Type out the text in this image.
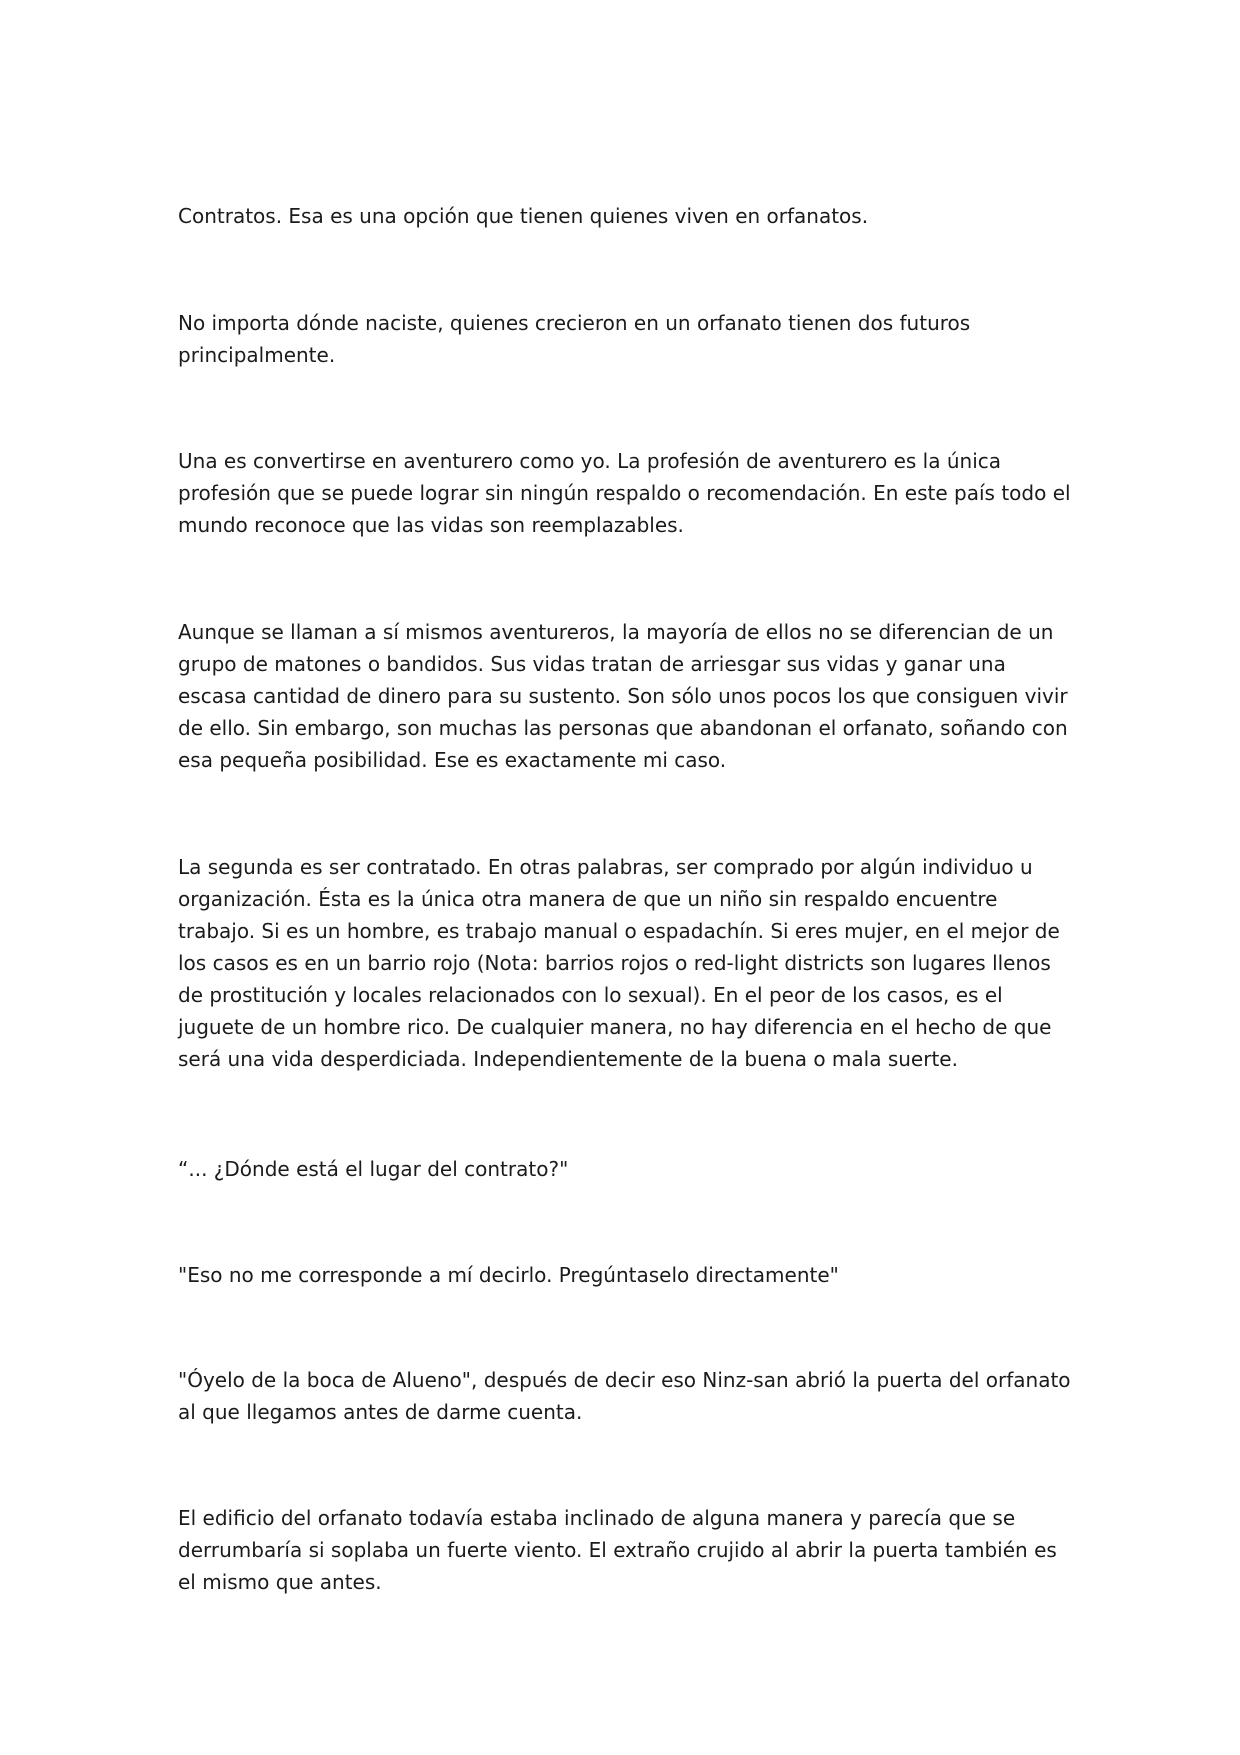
Contratos. Esa es una opción que tienen quienes viven en orfanatos.

No importa dónde naciste, quienes crecieron en un orfanato tienen dos futuros principalmente.

Una es convertirse en aventurero como yo. La profesión de aventurero es la única profesión que se puede lograr sin ningún respaldo o recomendación. En este país todo el mundo reconoce que las vidas son reemplazables.

Aunque se llaman a sí mismos aventureros, la mayoría de ellos no se diferencian de un grupo de matones o bandidos. Sus vidas tratan de arriesgar sus vidas y ganar una escasa cantidad de dinero para su sustento. Son sólo unos pocos los que consiguen vivir de ello. Sin embargo, son muchas las personas que abandonan el orfanato, soñando con esa pequeña posibilidad. Ese es exactamente mi caso.

La segunda es ser contratado. En otras palabras, ser comprado por algún individuo u organización. Ésta es la única otra manera de que un niño sin respaldo encuentre trabajo. Si es un hombre, es trabajo manual o espadachín. Si eres mujer, en el mejor de los casos es en un barrio rojo (Nota: barrios rojos o red-light districts son lugares llenos de prostitución y locales relacionados con lo sexual). En el peor de los casos, es el juguete de un hombre rico. De cualquier manera, no hay diferencia en el hecho de que será una vida desperdiciada. Independientemente de la buena o mala suerte.

“... ¿Dónde está el lugar del contrato?"

"Eso no me corresponde a mí decirlo. Pregúntaselo directamente"

"Óyelo de la boca de Alueno", después de decir eso Ninz-san abrió la puerta del orfanato al que llegamos antes de darme cuenta.

El edificio del orfanato todavía estaba inclinado de alguna manera y parecía que se derrumbaría si soplaba un fuerte viento. El extraño crujido al abrir la puerta también es el mismo que antes.
